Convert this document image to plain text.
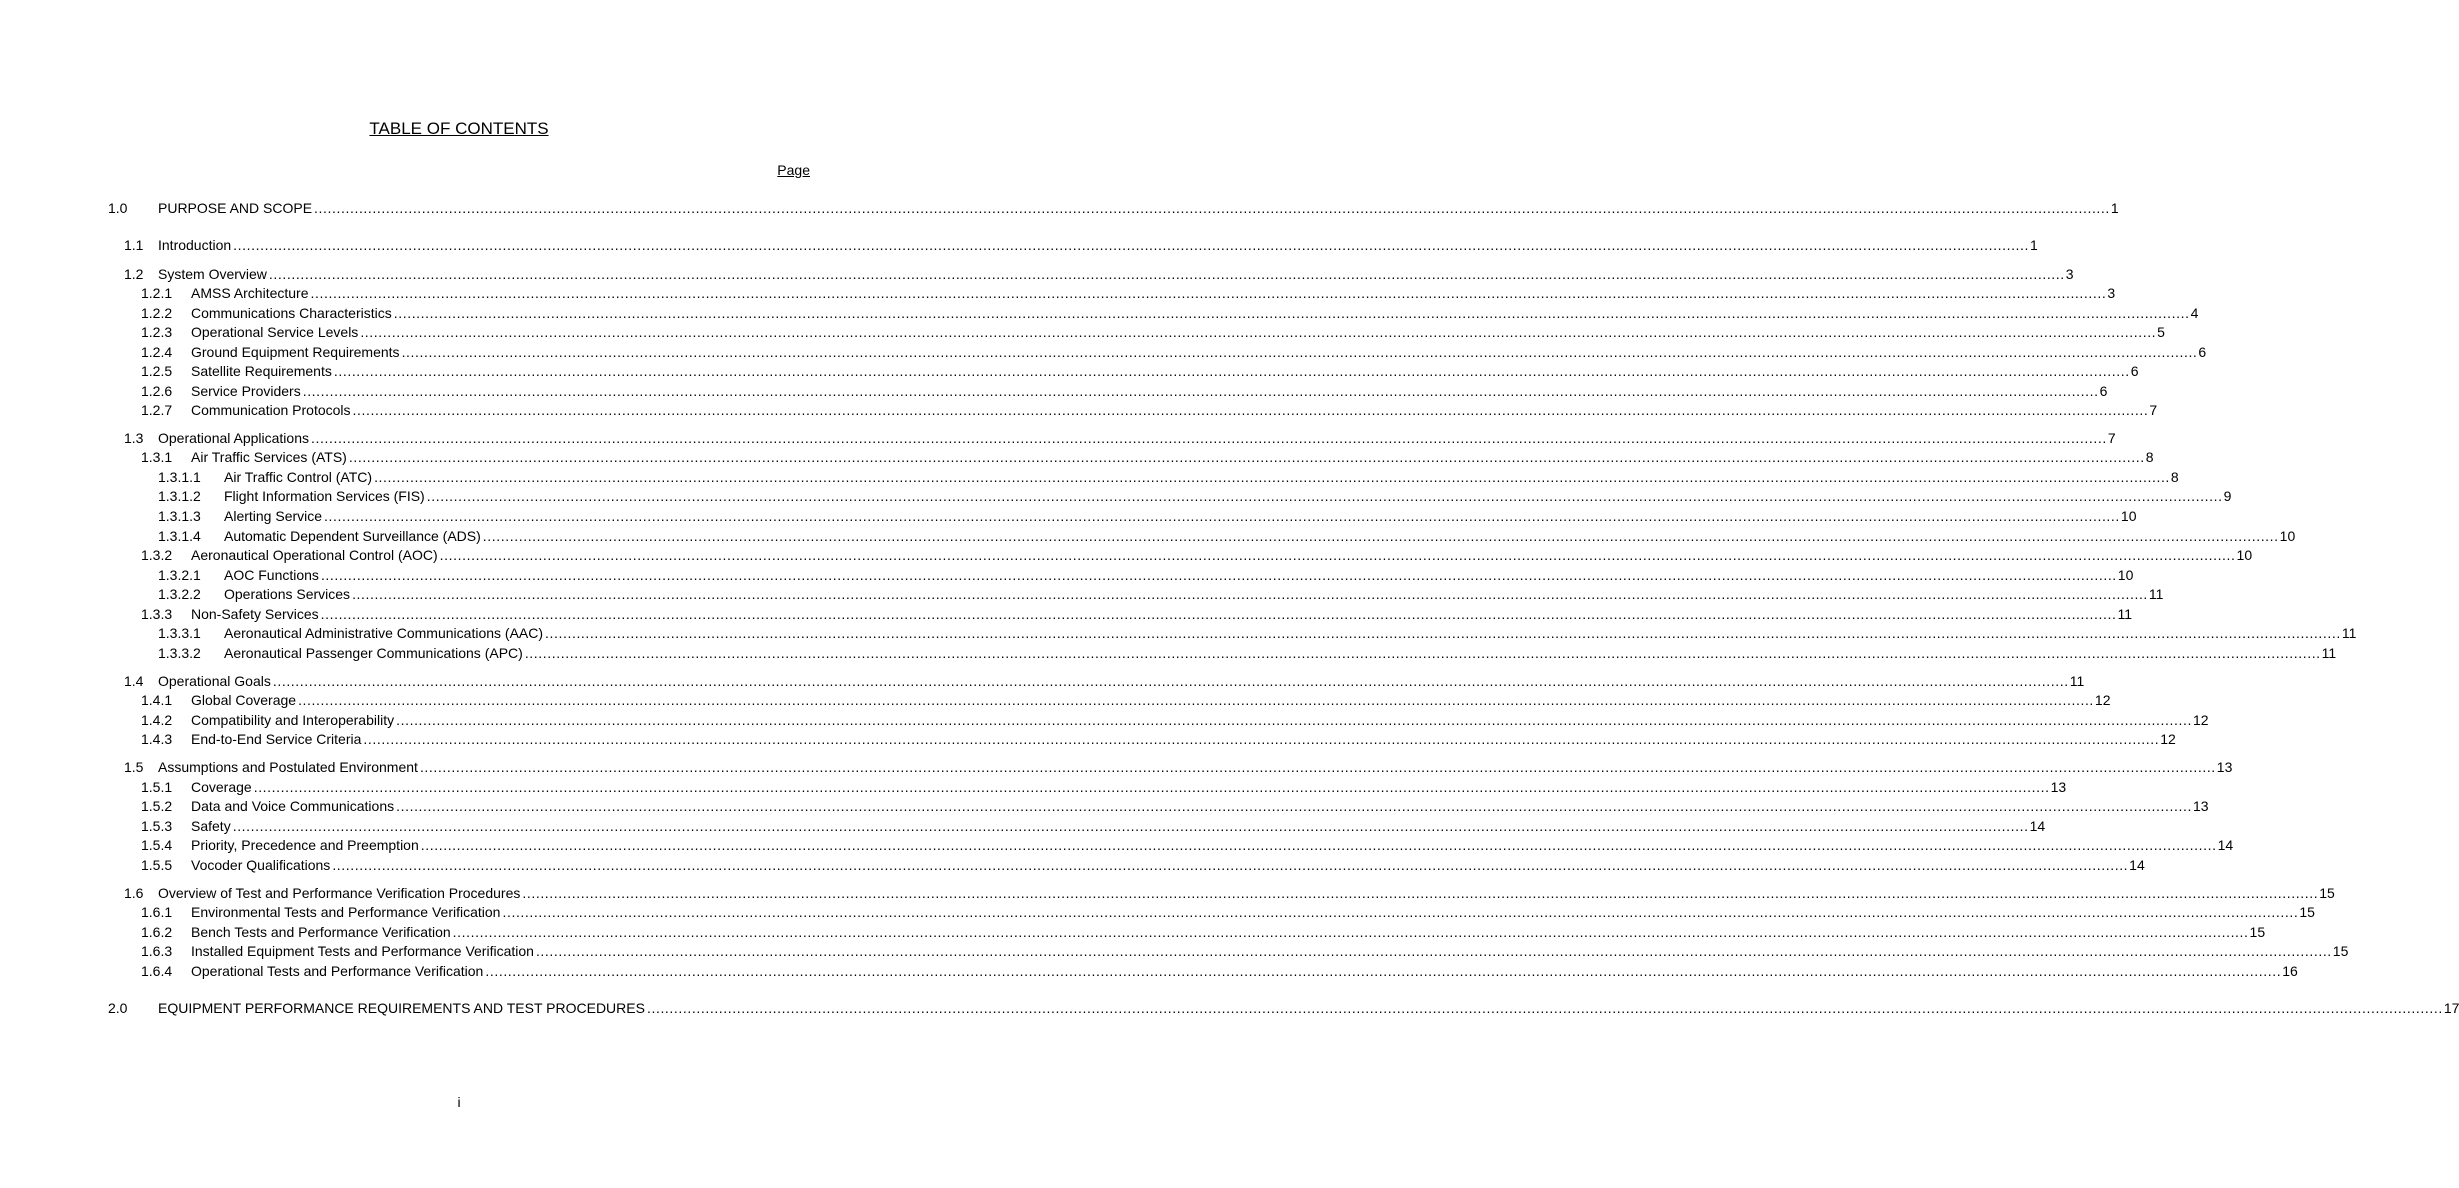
TABLE OF CONTENTS
Page
1.0 PURPOSE AND SCOPE ................................................................................................................................................................................................................................................................................................................................................................................................................ 1
1.1 Introduction ................................................................................................................................................................................................................................................................................................................................................................................................................ 1
1.2 System Overview ................................................................................................................................................................................................................................................................................................................................................................................................................ 3
1.2.1 AMSS Architecture ................................................................................................................................................................................................................................................................................................................................................................................................................ 3
1.2.2 Communications Characteristics ................................................................................................................................................................................................................................................................................................................................................................................................................ 4
1.2.3 Operational Service Levels ................................................................................................................................................................................................................................................................................................................................................................................................................ 5
1.2.4 Ground Equipment Requirements ................................................................................................................................................................................................................................................................................................................................................................................................................ 6
1.2.5 Satellite Requirements ................................................................................................................................................................................................................................................................................................................................................................................................................ 6
1.2.6 Service Providers ................................................................................................................................................................................................................................................................................................................................................................................................................ 6
1.2.7 Communication Protocols ................................................................................................................................................................................................................................................................................................................................................................................................................ 7
1.3 Operational Applications ................................................................................................................................................................................................................................................................................................................................................................................................................ 7
1.3.1 Air Traffic Services (ATS) ................................................................................................................................................................................................................................................................................................................................................................................................................ 8
1.3.1.1 Air Traffic Control (ATC) ................................................................................................................................................................................................................................................................................................................................................................................................................ 8
1.3.1.2 Flight Information Services (FIS) ................................................................................................................................................................................................................................................................................................................................................................................................................ 9
1.3.1.3 Alerting Service ................................................................................................................................................................................................................................................................................................................................................................................................................ 10
1.3.1.4 Automatic Dependent Surveillance (ADS) ................................................................................................................................................................................................................................................................................................................................................................................................................ 10
1.3.2 Aeronautical Operational Control (AOC) ................................................................................................................................................................................................................................................................................................................................................................................................................ 10
1.3.2.1 AOC Functions ................................................................................................................................................................................................................................................................................................................................................................................................................ 10
1.3.2.2 Operations Services ................................................................................................................................................................................................................................................................................................................................................................................................................ 11
1.3.3 Non-Safety Services ................................................................................................................................................................................................................................................................................................................................................................................................................ 11
1.3.3.1 Aeronautical Administrative Communications (AAC) ................................................................................................................................................................................................................................................................................................................................................................................................................ 11
1.3.3.2 Aeronautical Passenger Communications (APC) ................................................................................................................................................................................................................................................................................................................................................................................................................ 11
1.4 Operational Goals ................................................................................................................................................................................................................................................................................................................................................................................................................ 11
1.4.1 Global Coverage ................................................................................................................................................................................................................................................................................................................................................................................................................ 12
1.4.2 Compatibility and Interoperability ................................................................................................................................................................................................................................................................................................................................................................................................................ 12
1.4.3 End-to-End Service Criteria ................................................................................................................................................................................................................................................................................................................................................................................................................ 12
1.5 Assumptions and Postulated Environment ................................................................................................................................................................................................................................................................................................................................................................................................................ 13
1.5.1 Coverage ................................................................................................................................................................................................................................................................................................................................................................................................................ 13
1.5.2 Data and Voice Communications ................................................................................................................................................................................................................................................................................................................................................................................................................ 13
1.5.3 Safety ................................................................................................................................................................................................................................................................................................................................................................................................................ 14
1.5.4 Priority, Precedence and Preemption ................................................................................................................................................................................................................................................................................................................................................................................................................ 14
1.5.5 Vocoder Qualifications ................................................................................................................................................................................................................................................................................................................................................................................................................ 14
1.6 Overview of Test and Performance Verification Procedures ................................................................................................................................................................................................................................................................................................................................................................................................................ 15
1.6.1 Environmental Tests and Performance Verification ................................................................................................................................................................................................................................................................................................................................................................................................................ 15
1.6.2 Bench Tests and Performance Verification ................................................................................................................................................................................................................................................................................................................................................................................................................ 15
1.6.3 Installed Equipment Tests and Performance Verification ................................................................................................................................................................................................................................................................................................................................................................................................................ 15
1.6.4 Operational Tests and Performance Verification ................................................................................................................................................................................................................................................................................................................................................................................................................ 16
2.0 EQUIPMENT PERFORMANCE REQUIREMENTS AND TEST PROCEDURES ................................................................................................................................................................................................................................................................................................................................................................................................................ 17
i
